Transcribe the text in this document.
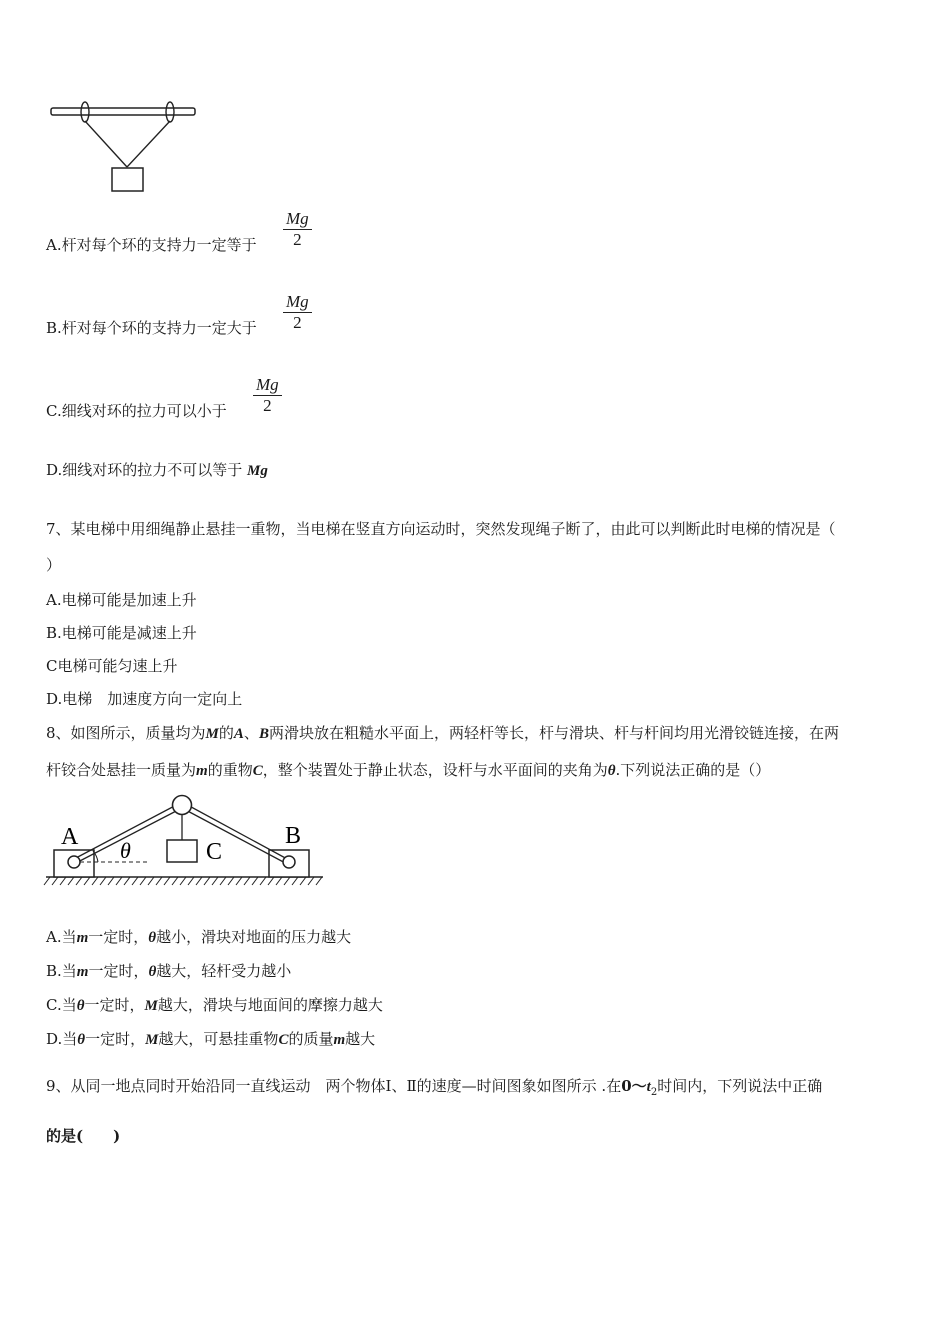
A.杆对每个环的支持力一定等于
Mg
2
B.杆对每个环的支持力一定大于
Mg
2
C.细线对环的拉力可以小于
Mg
2
D.细线对环的拉力不可以等于 Mg
7、某电梯中用细绳静止悬挂一重物，当电梯在竖直方向运动时，突然发现绳子断了，由此可以判断此时电梯的情况是（
）
A.电梯可能是加速上升
B.电梯可能是减速上升
C电梯可能匀速上升
D.电梯　加速度方向一定向上
8、如图所示，质量均为M的A、B两滑块放在粗糙水平面上，两轻杆等长，杆与滑块、杆与杆间均用光滑铰链连接，在两
杆铰合处悬挂一质量为m的重物C，整个装置处于静止状态，设杆与水平面间的夹角为θ.下列说法正确的是（）
A	B
C
θ
A.当m一定时，θ越小，滑块对地面的压力越大
B.当m一定时，θ越大，轻杆受力越小
C.当θ一定时，M越大，滑块与地面间的摩擦力越大
D.当θ一定时，M越大，可悬挂重物C的质量m越大
9、从同一地点同时开始沿同一直线运动　两个物体Ⅰ、Ⅱ的速度—时间图象如图所示 .在$0\sim t_2$时间内，下列说法中正确
的是(　　)
